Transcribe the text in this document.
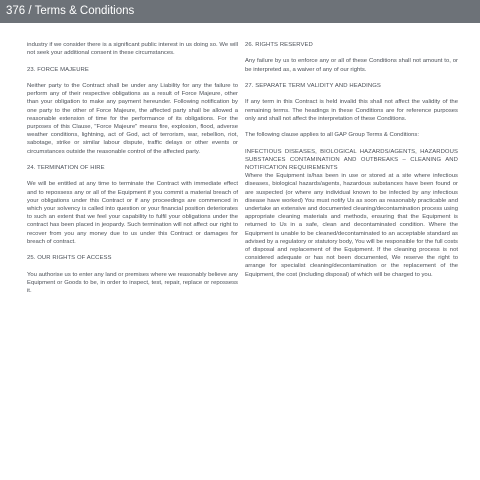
376 / Terms & Conditions

industry if we consider there is a significant public interest in us doing so. We will not seek your additional consent in these circumstances.

23. FORCE MAJEURE

Neither party to the Contract shall be under any Liability for any the failure to perform any of their respective obligations as a result of Force Majeure, other than your obligation to make any payment hereunder. Following notification by one party to the other of Force Majeure, the affected party shall be allowed a reasonable extension of time for the performance of its obligations. For the purposes of this Clause, "Force Majeure" means fire, explosion, flood, adverse weather conditions, lightning, act of God, act of terrorism, war, rebellion, riot, sabotage, strike or similar labour dispute, traffic delays or other events or circumstances outside the reasonable control of the affected party.

24. TERMINATION OF HIRE

We will be entitled at any time to terminate the Contract with immediate effect and to repossess any or all of the Equipment if you commit a material breach of your obligations under this Contract or if any proceedings are commenced in which your solvency is called into question or your financial position deteriorates to such an extent that we feel your capability to fulfil your obligations under the contract has been placed in jeopardy. Such termination will not affect our right to recover from you any money due to us under this Contract or damages for breach of contract.

25. OUR RIGHTS OF ACCESS

You authorise us to enter any land or premises where we reasonably believe any Equipment or Goods to be, in order to inspect, test, repair, replace or repossess it.

26. RIGHTS RESERVED

Any failure by us to enforce any or all of these Conditions shall not amount to, or be interpreted as, a waiver of any of our rights.

27. SEPARATE TERM VALIDITY AND HEADINGS

If any term in this Contract is held invalid this shall not affect the validity of the remaining terms. The headings in these Conditions are for reference purposes only and shall not affect the interpretation of these Conditions.

The following clause applies to all GAP Group Terms & Conditions:

INFECTIOUS DISEASES, BIOLOGICAL HAZARDS/AGENTS, HAZARDOUS SUBSTANCES CONTAMINATION AND OUTBREAKS – CLEANING AND NOTIFICATION REQUIREMENTS

Where the Equipment is/has been in use or stored at a site where infectious diseases, biological hazards/agents, hazardous substances have been found or are suspected (or where any individual known to be infected by any infectious disease have worked) You must notify Us as soon as reasonably practicable and undertake an extensive and documented cleaning/decontamination process using appropriate cleaning materials and methods, ensuring that the Equipment is returned to Us in a safe, clean and decontaminated condition. Where the Equipment is unable to be cleaned/decontaminated to an acceptable standard as advised by a regulatory or statutory body, You will be responsible for the full costs of disposal and replacement of the Equipment. If the cleaning process is not considered adequate or has not been documented, We reserve the right to arrange for specialist cleaning/decontamination or the replacement of the Equipment, the cost (including disposal) of which will be charged to you.
